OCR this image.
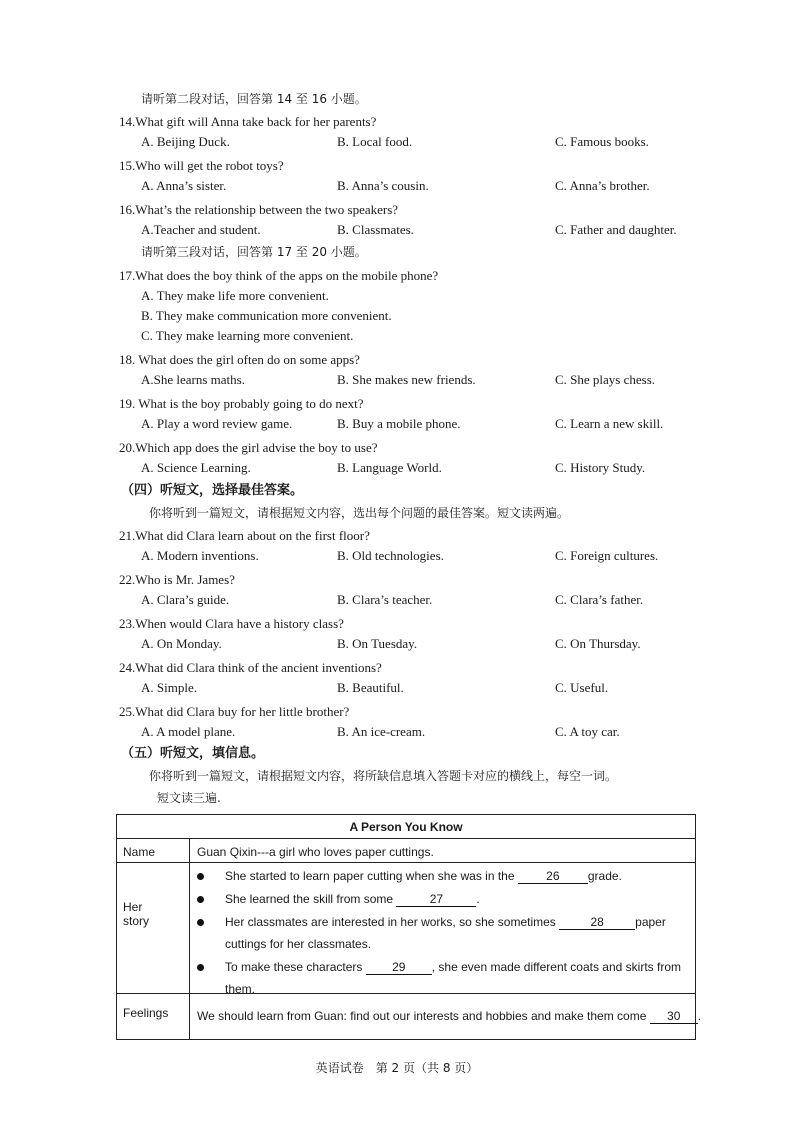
请听第二段对话，回答第 14 至 16 小题。
14.What gift will Anna take back for her parents?
A. Beijing Duck.	B. Local food.	C. Famous books.
15.Who will get the robot toys?
A. Anna’s sister.	B. Anna’s cousin.	C. Anna’s brother.
16.What’s the relationship between the two speakers?
A.Teacher and student.	B. Classmates.	C. Father and daughter.
请听第三段对话，回答第 17 至 20 小题。
17.What does the boy think of the apps on the mobile phone?
A. They make life more convenient.
B. They make communication more convenient.
C. They make learning more convenient.
18. What does the girl often do on some apps?
A.She learns maths.	B. She makes new friends.	C. She plays chess.
19. What is the boy probably going to do next?
A. Play a word review game.	B. Buy a mobile phone.	C. Learn a new skill.
20.Which app does the girl advise the boy to use?
A. Science Learning.	B. Language World.	C. History Study.
（四）听短文，选择最佳答案。
你将听到一篇短文，请根据短文内容，选出每个问题的最佳答案。短文读两遍。
21.What did Clara learn about on the first floor?
A. Modern inventions.	B. Old technologies.	C. Foreign cultures.
22.Who is Mr. James?
A. Clara’s guide.	B. Clara’s teacher.	C. Clara’s father.
23.When would Clara have a history class?
A. On Monday.	B. On Tuesday.	C. On Thursday.
24.What did Clara think of the ancient inventions?
A. Simple.	B. Beautiful.	C. Useful.
25.What did Clara buy for her little brother?
A. A model plane.	B. An ice-cream.	C. A toy car.
（五）听短文，填信息。
你将听到一篇短文，请根据短文内容，将所缺信息填入答题卡对应的横线上，每空一词。
短文读三遍.
A Person You Know
Name	Guan Qixin---a girl who loves paper cuttings.
Her
story
She started to learn paper cutting when she was in the	26 grade.
She learned the skill from some	27	.
Her classmates are interested in her works, so she sometimes	28	paper
cuttings for her classmates.
To make these characters 29 , she even made different coats and skirts from
them.
Feelings We should learn from Guan: find out our interests and hobbies and make them come 30 .
英语试卷　第 2 页（共 8 页）
